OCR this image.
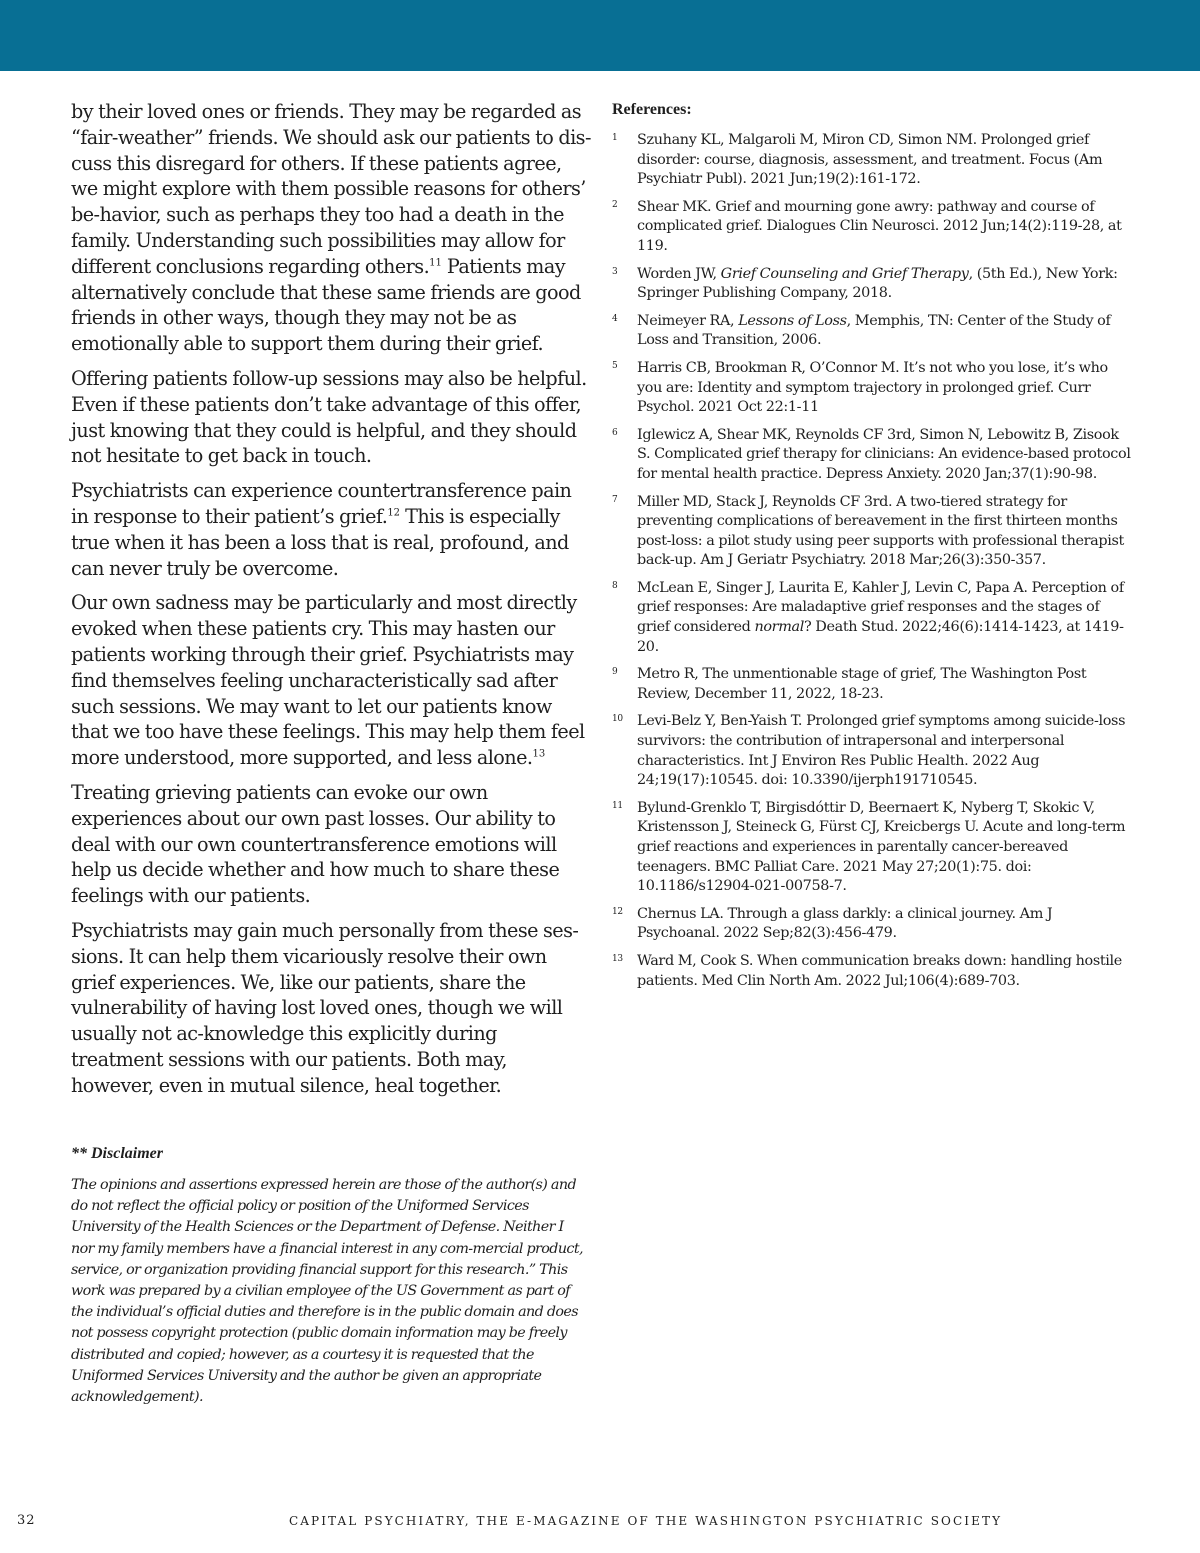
by their loved ones or friends. They may be regarded as “fair-weather” friends. We should ask our patients to dis-cuss this disregard for others. If these patients agree, we might explore with them possible reasons for others’ be-havior, such as perhaps they too had a death in the family. Understanding such possibilities may allow for different conclusions regarding others.$^{11}$ Patients may alternatively conclude that these same friends are good friends in other ways, though they may not be as emotionally able to support them during their grief.

Offering patients follow-up sessions may also be helpful. Even if these patients don’t take advantage of this offer, just knowing that they could is helpful, and they should not hesitate to get back in touch.

Psychiatrists can experience countertransference pain in response to their patient’s grief.$^{12}$ This is especially true when it has been a loss that is real, profound, and can never truly be overcome.

Our own sadness may be particularly and most directly evoked when these patients cry. This may hasten our patients working through their grief. Psychiatrists may find themselves feeling uncharacteristically sad after such sessions. We may want to let our patients know that we too have these feelings. This may help them feel more understood, more supported, and less alone.$^{13}$

Treating grieving patients can evoke our own experiences about our own past losses. Our ability to deal with our own countertransference emotions will help us decide whether and how much to share these feelings with our patients.

Psychiatrists may gain much personally from these ses-sions. It can help them vicariously resolve their own grief experiences. We, like our patients, share the vulnerability of having lost loved ones, though we will usually not ac-knowledge this explicitly during treatment sessions with our patients. Both may, however, even in mutual silence, heal together.

** Disclaimer

The opinions and assertions expressed herein are those of the author(s) and do not reflect the official policy or position of the Uniformed Services University of the Health Sciences or the Department of Defense. Neither I nor my family members have a financial interest in any com-mercial product, service, or organization providing financial support for this research.” This work was prepared by a civilian employee of the US Government as part of the individual’s official duties and therefore is in the public domain and does not possess copyright protection (public domain information may be freely distributed and copied; however, as a courtesy it is requested that the Uniformed Services University and the author be given an appropriate acknowledgement).

References:
1 Szuhany KL, Malgaroli M, Miron CD, Simon NM. Prolonged grief disorder: course, diagnosis, assessment, and treatment. Focus (Am Psychiatr Publ). 2021 Jun;19(2):161-172.
2 Shear MK. Grief and mourning gone awry: pathway and course of complicated grief. Dialogues Clin Neurosci. 2012 Jun;14(2):119-28, at 119.
3 Worden JW, Grief Counseling and Grief Therapy, (5th Ed.), New York: Springer Publishing Company, 2018.
4 Neimeyer RA, Lessons of Loss, Memphis, TN: Center of the Study of Loss and Transition, 2006.
5 Harris CB, Brookman R, O’Connor M. It’s not who you lose, it’s who you are: Identity and symptom trajectory in prolonged grief. Curr Psychol. 2021 Oct 22:1-11
6 Iglewicz A, Shear MK, Reynolds CF 3rd, Simon N, Lebowitz B, Zisook S. Complicated grief therapy for clinicians: An evidence-based protocol for mental health practice. Depress Anxiety. 2020 Jan;37(1):90-98.
7 Miller MD, Stack J, Reynolds CF 3rd. A two-tiered strategy for preventing complications of bereavement in the first thirteen months post-loss: a pilot study using peer supports with professional therapist back-up. Am J Geriatr Psychiatry. 2018 Mar;26(3):350-357.
8 McLean E, Singer J, Laurita E, Kahler J, Levin C, Papa A. Perception of grief responses: Are maladaptive grief responses and the stages of grief considered normal? Death Stud. 2022;46(6):1414-1423, at 1419-20.
9 Metro R, The unmentionable stage of grief, The Washington Post Review, December 11, 2022, 18-23.
10 Levi-Belz Y, Ben-Yaish T. Prolonged grief symptoms among suicide-loss survivors: the contribution of intrapersonal and interpersonal characteristics. Int J Environ Res Public Health. 2022 Aug 24;19(17):10545. doi: 10.3390/ijerph191710545.
11 Bylund-Grenklo T, Birgisdóttir D, Beernaert K, Nyberg T, Skokic V, Kristensson J, Steineck G, Fürst CJ, Kreicbergs U. Acute and long-term grief reactions and experiences in parentally cancer-bereaved teenagers. BMC Palliat Care. 2021 May 27;20(1):75. doi: 10.1186/s12904-021-00758-7.
12 Chernus LA. Through a glass darkly: a clinical journey. Am J Psychoanal. 2022 Sep;82(3):456-479.
13 Ward M, Cook S. When communication breaks down: handling hostile patients. Med Clin North Am. 2022 Jul;106(4):689-703.
32	CAPITAL PSYCHIATRY, THE E-MAGAZINE OF THE WASHINGTON PSYCHIATRIC SOCIETY
